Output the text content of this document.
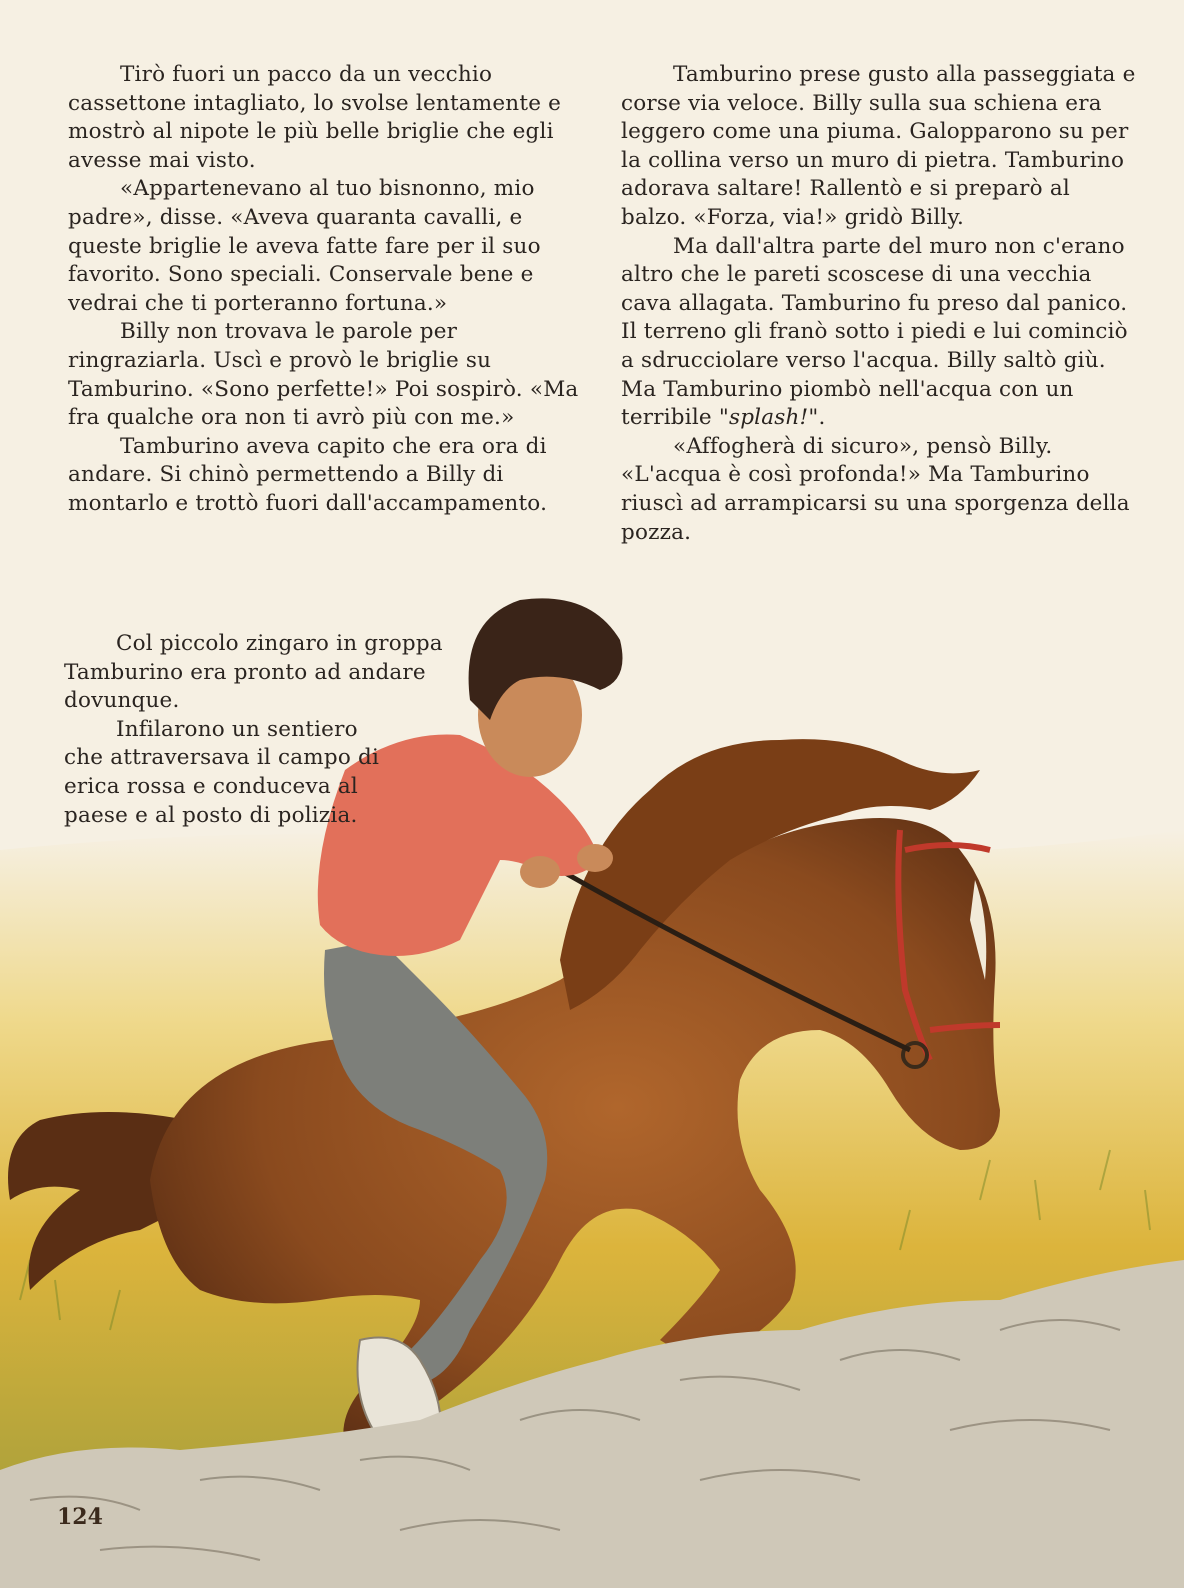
Tirò fuori un pacco da un vecchio cassettone intagliato, lo svolse lentamente e mostrò al nipote le più belle briglie che egli avesse mai visto.

«Appartenevano al tuo bisnonno, mio padre», disse. «Aveva quaranta cavalli, e queste briglie le aveva fatte fare per il suo favorito. Sono speciali. Conservale bene e vedrai che ti porteranno fortuna.»

Billy non trovava le parole per ringraziarla. Uscì e provò le briglie su Tamburino. «Sono perfette!» Poi sospirò. «Ma fra qualche ora non ti avrò più con me.»

Tamburino aveva capito che era ora di andare. Si chinò permettendo a Billy di montarlo e trottò fuori dall'accampamento.

Col piccolo zingaro in groppa Tamburino era pronto ad andare dovunque.

Infilarono un sentiero che attraversava il campo di erica rossa e conduceva al paese e al posto di polizia.

Tamburino prese gusto alla passeggiata e corse via veloce. Billy sulla sua schiena era leggero come una piuma. Galopparono su per la collina verso un muro di pietra. Tamburino adorava saltare! Rallentò e si preparò al balzo. «Forza, via!» gridò Billy.

Ma dall'altra parte del muro non c'erano altro che le pareti scoscese di una vecchia cava allagata. Tamburino fu preso dal panico. Il terreno gli franò sotto i piedi e lui cominciò a sdrucciolare verso l'acqua. Billy saltò giù. Ma Tamburino piombò nell'acqua con un terribile "splash!".

«Affogherà di sicuro», pensò Billy. «L'acqua è così profonda!» Ma Tamburino riuscì ad arrampicarsi su una sporgenza della pozza.

124
